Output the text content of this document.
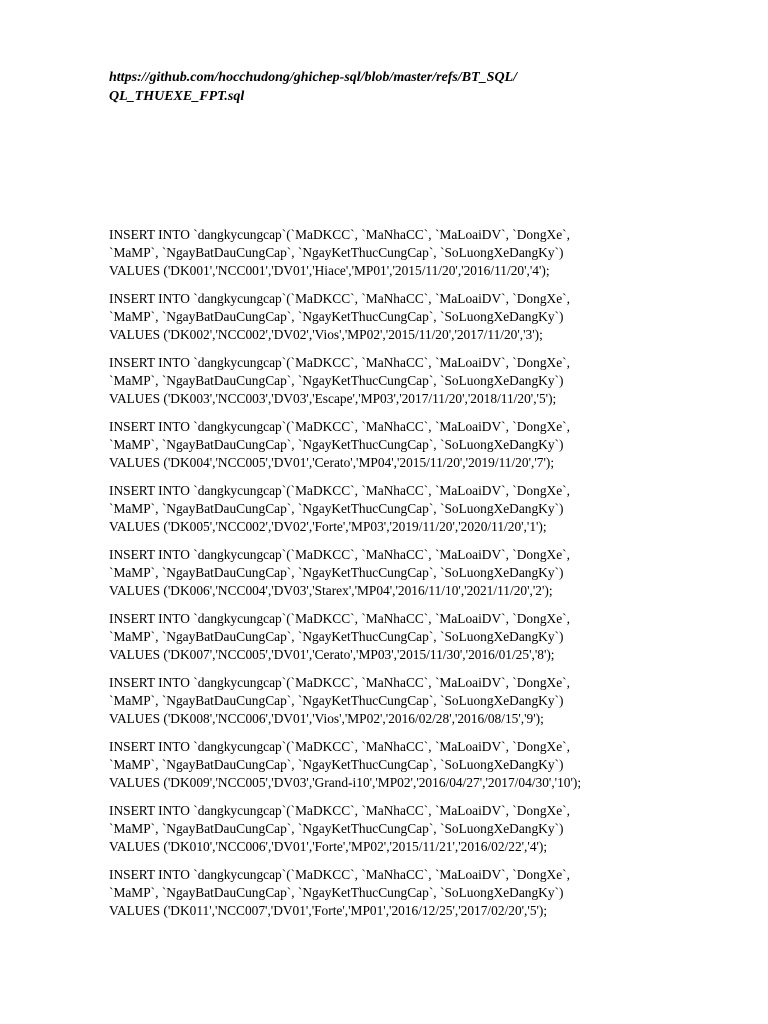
https://github.com/hocchudong/ghichep-sql/blob/master/refs/BT_SQL/
QL_THUEXE_FPT.sql
INSERT INTO `dangkycungcap`(`MaDKCC`, `MaNhaCC`, `MaLoaiDV`, `DongXe`,
`MaMP`, `NgayBatDauCungCap`, `NgayKetThucCungCap`, `SoLuongXeDangKy`)
VALUES ('DK001','NCC001','DV01','Hiace','MP01','2015/11/20','2016/11/20','4');
INSERT INTO `dangkycungcap`(`MaDKCC`, `MaNhaCC`, `MaLoaiDV`, `DongXe`,
`MaMP`, `NgayBatDauCungCap`, `NgayKetThucCungCap`, `SoLuongXeDangKy`)
VALUES ('DK002','NCC002','DV02','Vios','MP02','2015/11/20','2017/11/20','3');
INSERT INTO `dangkycungcap`(`MaDKCC`, `MaNhaCC`, `MaLoaiDV`, `DongXe`,
`MaMP`, `NgayBatDauCungCap`, `NgayKetThucCungCap`, `SoLuongXeDangKy`)
VALUES ('DK003','NCC003','DV03','Escape','MP03','2017/11/20','2018/11/20','5');
INSERT INTO `dangkycungcap`(`MaDKCC`, `MaNhaCC`, `MaLoaiDV`, `DongXe`,
`MaMP`, `NgayBatDauCungCap`, `NgayKetThucCungCap`, `SoLuongXeDangKy`)
VALUES ('DK004','NCC005','DV01','Cerato','MP04','2015/11/20','2019/11/20','7');
INSERT INTO `dangkycungcap`(`MaDKCC`, `MaNhaCC`, `MaLoaiDV`, `DongXe`,
`MaMP`, `NgayBatDauCungCap`, `NgayKetThucCungCap`, `SoLuongXeDangKy`)
VALUES ('DK005','NCC002','DV02','Forte','MP03','2019/11/20','2020/11/20','1');
INSERT INTO `dangkycungcap`(`MaDKCC`, `MaNhaCC`, `MaLoaiDV`, `DongXe`,
`MaMP`, `NgayBatDauCungCap`, `NgayKetThucCungCap`, `SoLuongXeDangKy`)
VALUES ('DK006','NCC004','DV03','Starex','MP04','2016/11/10','2021/11/20','2');
INSERT INTO `dangkycungcap`(`MaDKCC`, `MaNhaCC`, `MaLoaiDV`, `DongXe`,
`MaMP`, `NgayBatDauCungCap`, `NgayKetThucCungCap`, `SoLuongXeDangKy`)
VALUES ('DK007','NCC005','DV01','Cerato','MP03','2015/11/30','2016/01/25','8');
INSERT INTO `dangkycungcap`(`MaDKCC`, `MaNhaCC`, `MaLoaiDV`, `DongXe`,
`MaMP`, `NgayBatDauCungCap`, `NgayKetThucCungCap`, `SoLuongXeDangKy`)
VALUES ('DK008','NCC006','DV01','Vios','MP02','2016/02/28','2016/08/15','9');
INSERT INTO `dangkycungcap`(`MaDKCC`, `MaNhaCC`, `MaLoaiDV`, `DongXe`,
`MaMP`, `NgayBatDauCungCap`, `NgayKetThucCungCap`, `SoLuongXeDangKy`)
VALUES ('DK009','NCC005','DV03','Grand-i10','MP02','2016/04/27','2017/04/30','10');
INSERT INTO `dangkycungcap`(`MaDKCC`, `MaNhaCC`, `MaLoaiDV`, `DongXe`,
`MaMP`, `NgayBatDauCungCap`, `NgayKetThucCungCap`, `SoLuongXeDangKy`)
VALUES ('DK010','NCC006','DV01','Forte','MP02','2015/11/21','2016/02/22','4');
INSERT INTO `dangkycungcap`(`MaDKCC`, `MaNhaCC`, `MaLoaiDV`, `DongXe`,
`MaMP`, `NgayBatDauCungCap`, `NgayKetThucCungCap`, `SoLuongXeDangKy`)
VALUES ('DK011','NCC007','DV01','Forte','MP01','2016/12/25','2017/02/20','5');
